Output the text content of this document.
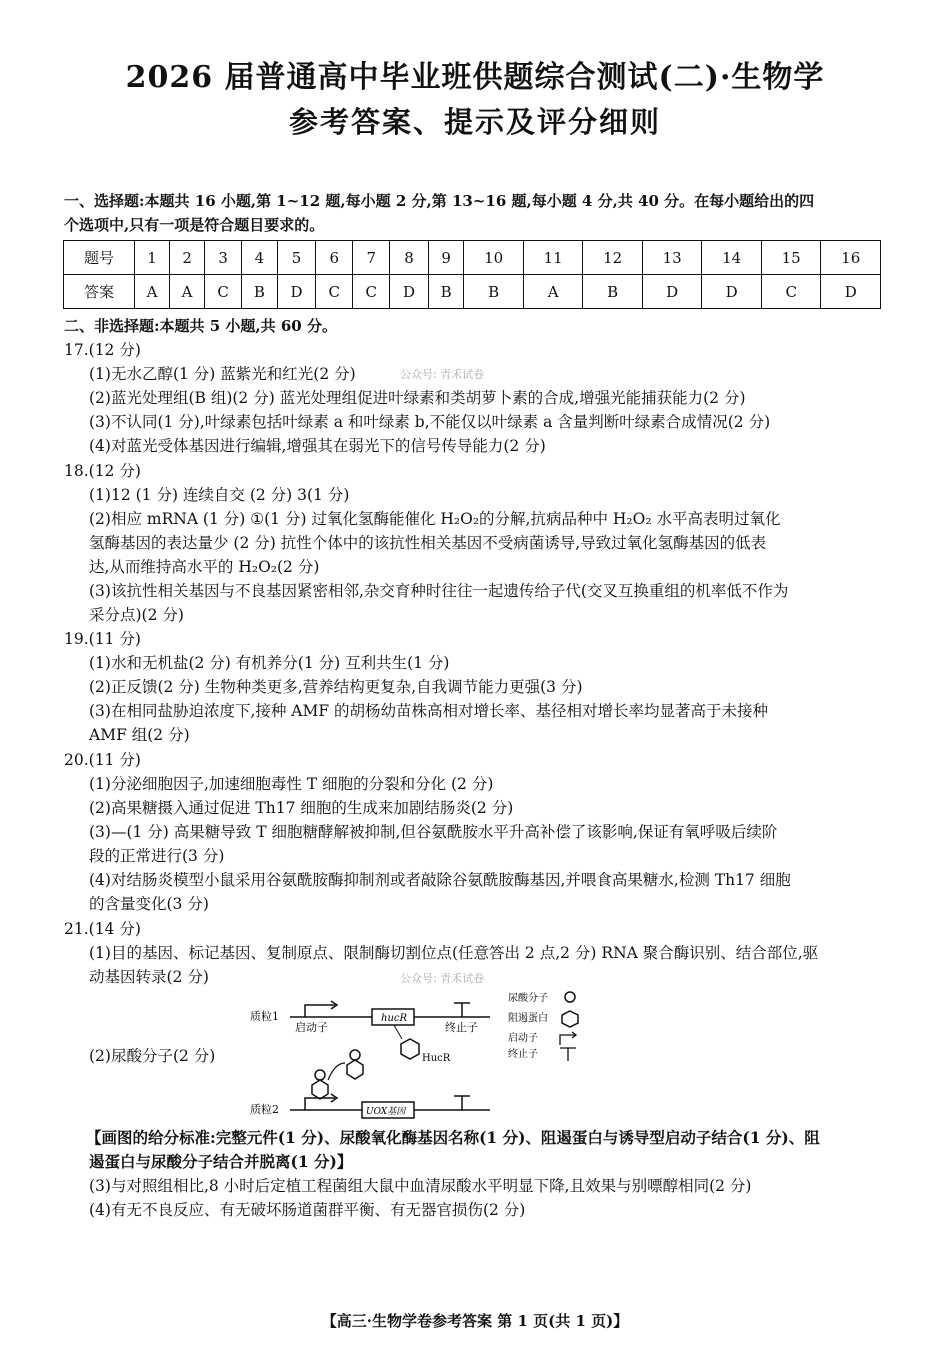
2026 届普通高中毕业班供题综合测试(二)·生物学
参考答案、提示及评分细则
一、选择题:本题共 16 小题,第 1~12 题,每小题 2 分,第 13~16 题,每小题 4 分,共 40 分。在每小题给出的四
个选项中,只有一项是符合题目要求的。
题号	1	2	3	4	5	6	7	8	9	10	11	12	13	14	15	16
答案	A	A	C	B	D	C	C	D	B	B	A	B	D	D	C	D
二、非选择题:本题共 5 小题,共 60 分。
17.(12 分)
(1)无水乙醇(1 分) 蓝紫光和红光(2 分)	公众号: 青禾试卷
(2)蓝光处理组(B 组)(2 分) 蓝光处理组促进叶绿素和类胡萝卜素的合成,增强光能捕获能力(2 分)
(3)不认同(1 分),叶绿素包括叶绿素 a 和叶绿素 b,不能仅以叶绿素 a 含量判断叶绿素合成情况(2 分)
(4)对蓝光受体基因进行编辑,增强其在弱光下的信号传导能力(2 分)
18.(12 分)
(1)12 (1 分) 连续自交 (2 分) 3(1 分)
(2)相应 mRNA (1 分) ①(1 分) 过氧化氢酶能催化 H₂O₂的分解,抗病品种中 H₂O₂ 水平高表明过氧化
氢酶基因的表达量少 (2 分) 抗性个体中的该抗性相关基因不受病菌诱导,导致过氧化氢酶基因的低表
达,从而维持高水平的 H₂O₂(2 分)
(3)该抗性相关基因与不良基因紧密相邻,杂交育种时往往一起遗传给子代(交叉互换重组的机率低不作为
采分点)(2 分)
19.(11 分)
(1)水和无机盐(2 分) 有机养分(1 分) 互利共生(1 分)
(2)正反馈(2 分) 生物种类更多,营养结构更复杂,自我调节能力更强(3 分)
(3)在相同盐胁迫浓度下,接种 AMF 的胡杨幼苗株高相对增长率、基径相对增长率均显著高于未接种
AMF 组(2 分)
20.(11 分)
(1)分泌细胞因子,加速细胞毒性 T 细胞的分裂和分化 (2 分)
(2)高果糖摄入通过促进 Th17 细胞的生成来加剧结肠炎(2 分)
(3)—(1 分) 高果糖导致 T 细胞糖酵解被抑制,但谷氨酰胺水平升高补偿了该影响,保证有氧呼吸后续阶
段的正常进行(3 分)
(4)对结肠炎模型小鼠采用谷氨酰胺酶抑制剂或者敲除谷氨酰胺酶基因,并喂食高果糖水,检测 Th17 细胞
的含量变化(3 分)
21.(14 分)
(1)目的基因、标记基因、复制原点、限制酶切割位点(任意答出 2 点,2 分) RNA 聚合酶识别、结合部位,驱
动基因转录(2 分)	公众号: 青禾试卷
(2)尿酸分子(2 分)
质粒1
启动子
hucR
终止子
HucR
质粒2	UOX基因
尿酸分子
阻遏蛋白
启动子
终止子
【画图的给分标准:完整元件(1 分)、尿酸氧化酶基因名称(1 分)、阻遏蛋白与诱导型启动子结合(1 分)、阻
遏蛋白与尿酸分子结合并脱离(1 分)】
(3)与对照组相比,8 小时后定植工程菌组大鼠中血清尿酸水平明显下降,且效果与别嘌醇相同(2 分)
(4)有无不良反应、有无破坏肠道菌群平衡、有无器官损伤(2 分)
【高三·生物学卷参考答案 第 1 页(共 1 页)】
